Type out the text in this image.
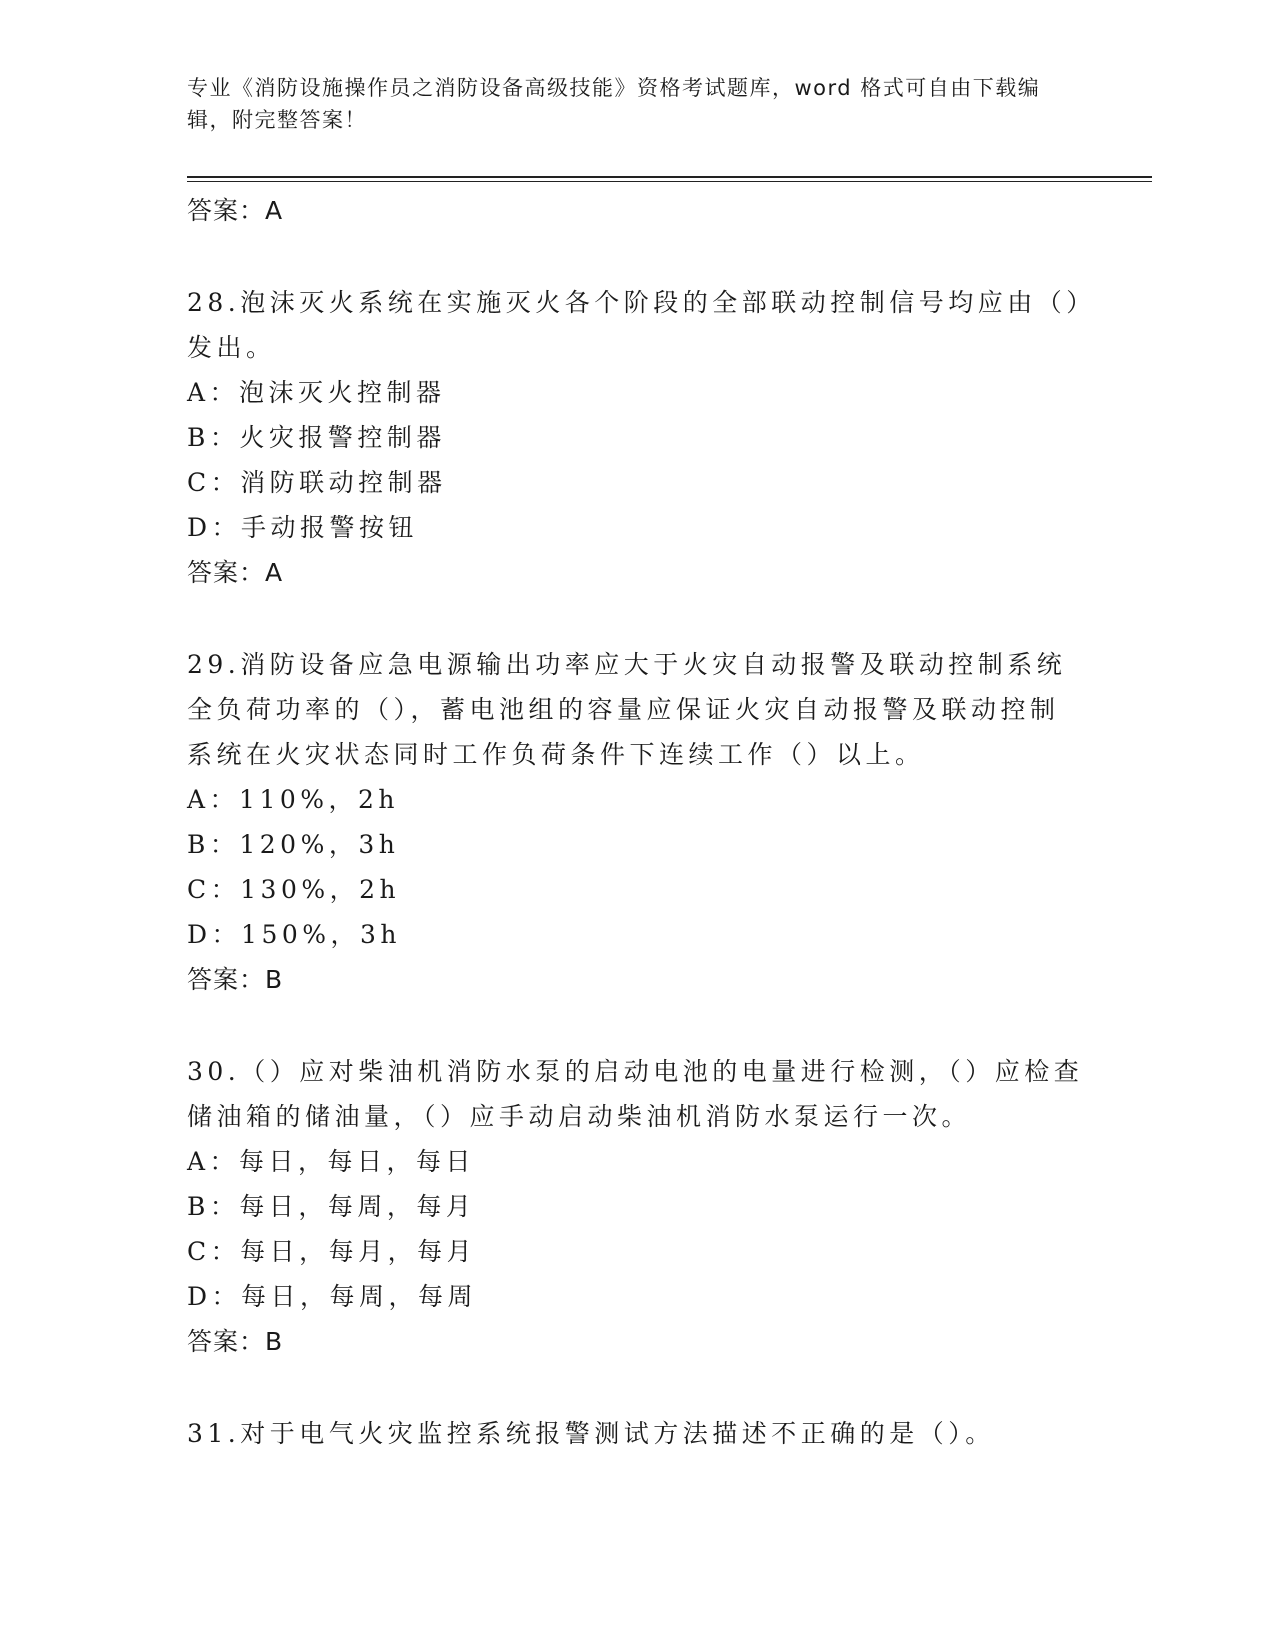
专业《消防设施操作员之消防设备高级技能》资格考试题库，word 格式可自由下载编辑，附完整答案！
答案：A
28.泡沫灭火系统在实施灭火各个阶段的全部联动控制信号均应由（）发出。
A：泡沫灭火控制器
B：火灾报警控制器
C：消防联动控制器
D：手动报警按钮
答案：A
29.消防设备应急电源输出功率应大于火灾自动报警及联动控制系统全负荷功率的（），蓄电池组的容量应保证火灾自动报警及联动控制系统在火灾状态同时工作负荷条件下连续工作（）以上。
A：110%，2h
B：120%，3h
C：130%，2h
D：150%，3h
答案：B
30.（）应对柴油机消防水泵的启动电池的电量进行检测，（）应检查储油箱的储油量，（）应手动启动柴油机消防水泵运行一次。
A：每日，每日，每日
B：每日，每周，每月
C：每日，每月，每月
D：每日，每周，每周
答案：B
31.对于电气火灾监控系统报警测试方法描述不正确的是（）。
